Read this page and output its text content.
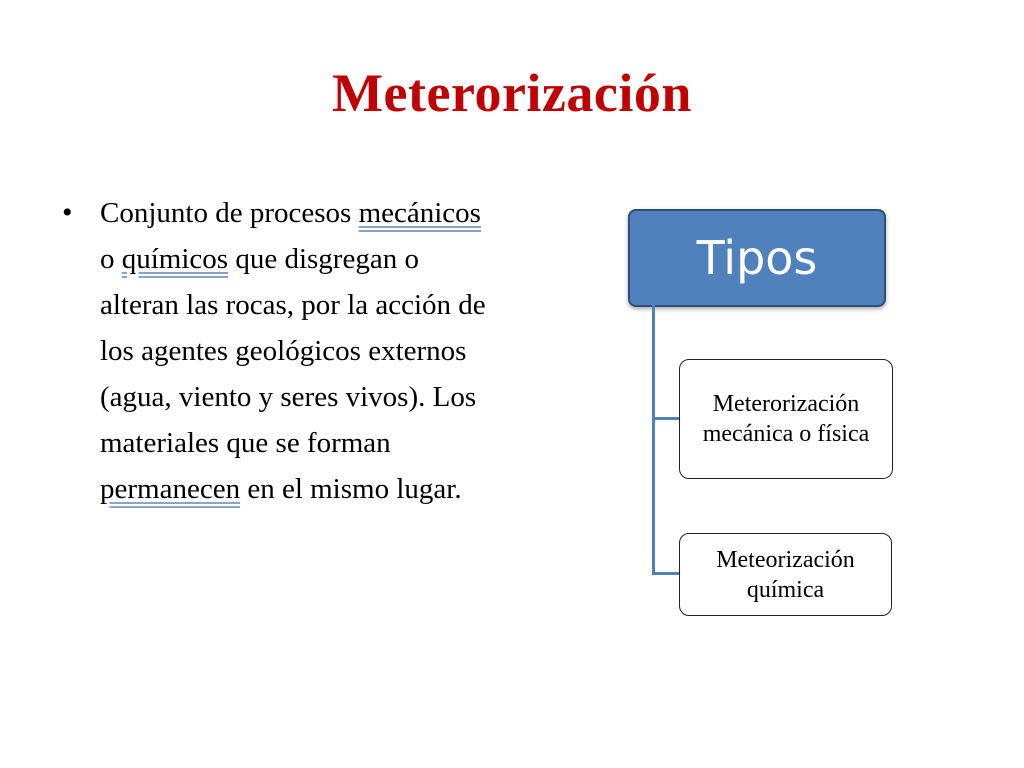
Meterorización
• Conjunto de procesos mecánicos o químicos que disgregan o alteran las rocas, por la acción de los agentes geológicos externos (agua, viento y seres vivos). Los materiales que se forman permanecen en el mismo lugar.
Tipos
Meterorización mecánica o física
Meteorización química
